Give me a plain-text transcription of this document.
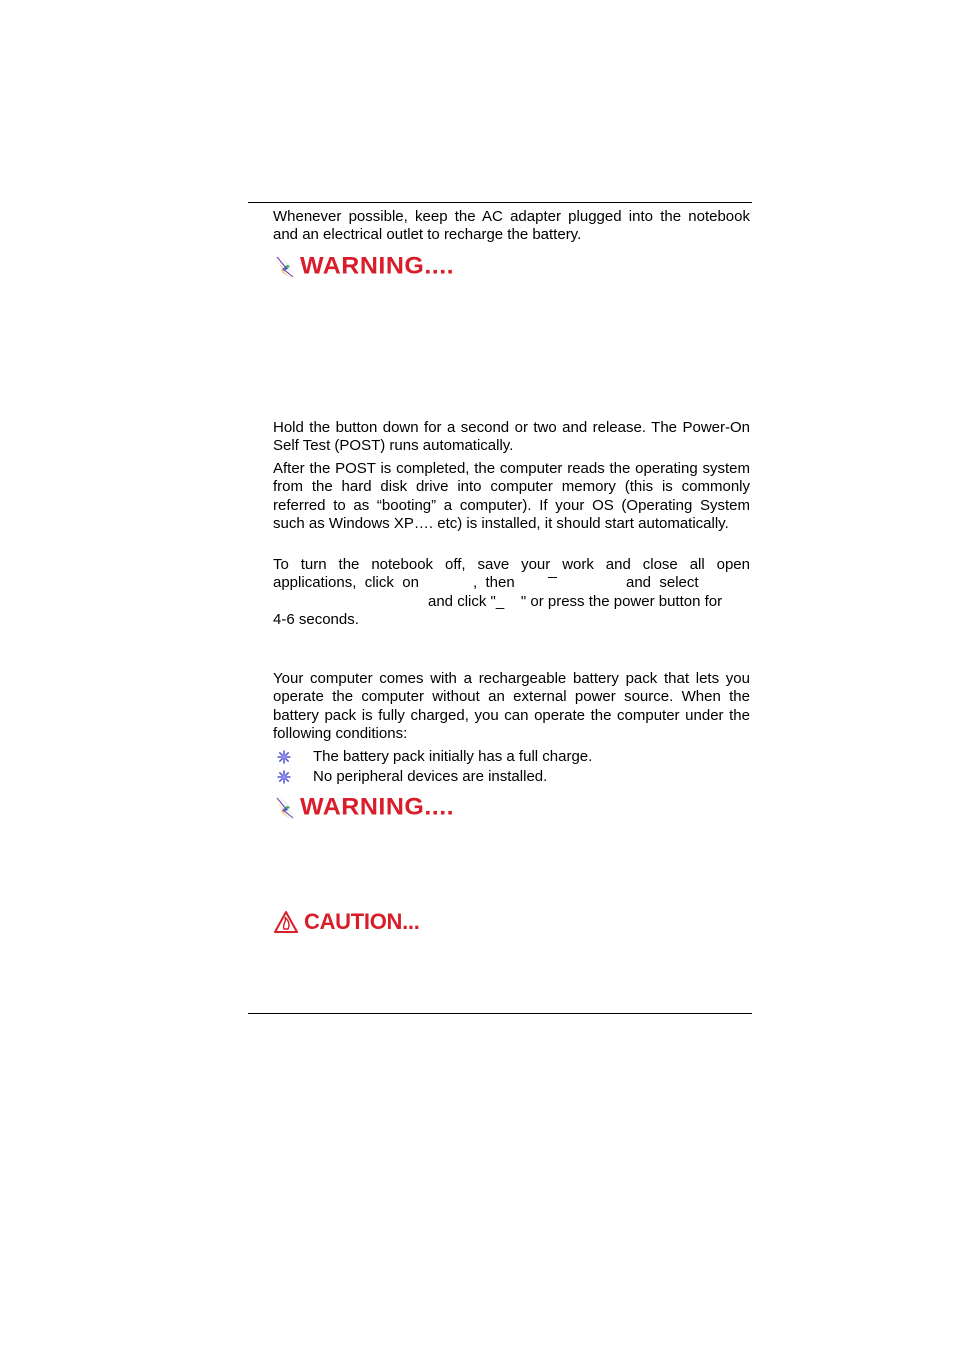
Whenever possible, keep the AC adapter plugged into the notebook and an electrical outlet to recharge the battery.

WARNING....

Hold the button down for a second or two and release. The Power-On Self Test (POST) runs automatically.

After the POST is completed, the computer reads the operating system from the hard disk drive into computer memory (this is commonly referred to as “booting” a computer). If your OS (Operating System such as Windows XP…. etc) is installed, it should start automatically.

To turn the notebook off, save your work and close all open

applications,  click  on	,  then	and  select
and click "_    " or press the power button for
4-6 seconds.

Your computer comes with a rechargeable battery pack that lets you operate the computer without an external power source. When the battery pack is fully charged, you can operate the computer under the following conditions:

The battery pack initially has a full charge.
No peripheral devices are installed.
WARNING....
CAUTION...
